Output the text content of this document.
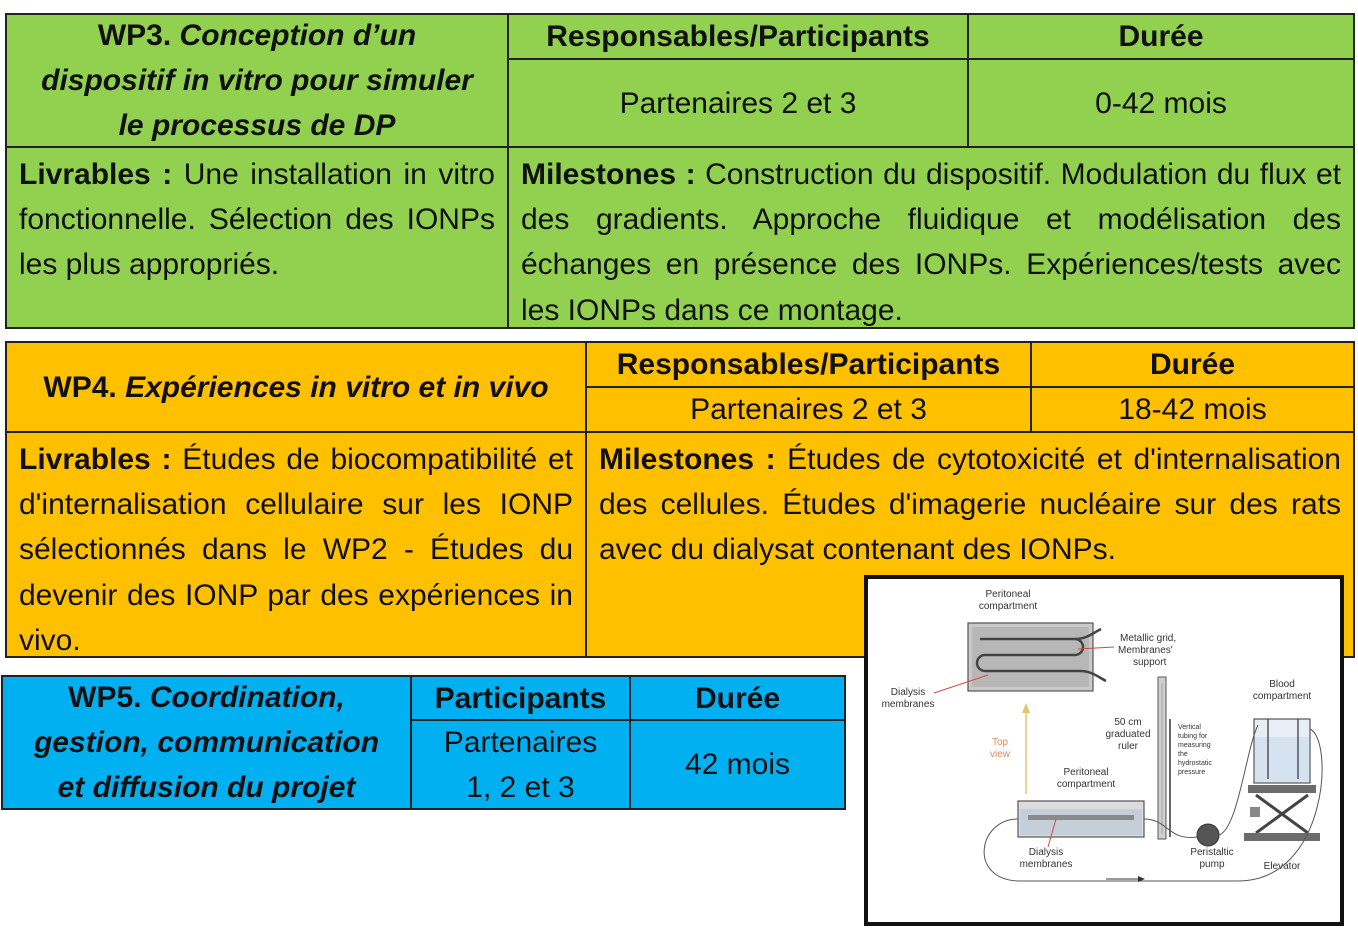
WP3. Conception d’un
dispositif in vitro pour simuler
le processus de DP
Responsables/Participants	Durée
Partenaires 2 et 3	0-42 mois
Livrables : Une installation in vitro fonctionnelle. Sélection des IONPs les plus appropriés.
Milestones : Construction du dispositif. Modulation du flux et des gradients. Approche fluidique et modélisation des échanges en présence des IONPs. Expériences/tests avec les IONPs dans ce montage.
WP4. Expériences in vitro et in vivo
Responsables/Participants	Durée
Partenaires 2 et 3	18-42 mois
Livrables : Études de biocompatibilité et d'internalisation cellulaire sur les IONP sélectionnés dans le WP2 - Études du devenir des IONP par des expériences in vivo.
Milestones : Études de cytotoxicité et d'internalisation des cellules. Études d'imagerie nucléaire sur des rats avec du dialysat contenant des IONPs.
WP5. Coordination,
gestion, communication
et diffusion du projet
Participants	Durée
Partenaires
1, 2 et 3
42 mois
Peritoneal compartment
Metallic grid, Membranes' support
Dialysis membranes
Top view
50 cm graduated ruler
Vertical tubing for measuring the hydrostatic pressure
Blood compartment
Elevator
Peristaltic pump
Peritoneal compartment
Dialysis membranes
